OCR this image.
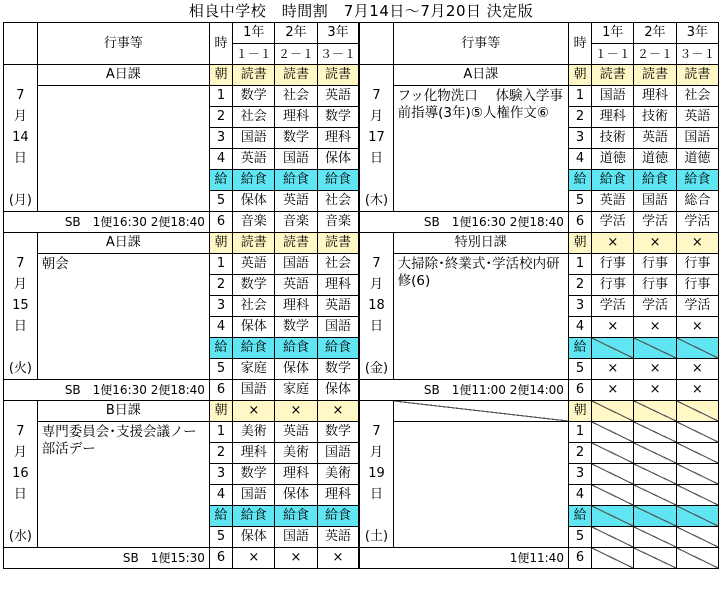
相良中学校　時間割　7月14日～7月20日 決定版
	行事等	時	1年	2年	3年		行事等	時	1年	2年	3年
			１－１	２－１	３－１				１－１	２－１	３－１
	A日課	朝	読書	読書	読書		A日課	朝	読書	読書	読書
7		1	数学	社会	英語	7	フッ化物洗口　 体験入学事前指導(3年)⑤人権作文⑥	1	国語	理科	社会
月		2	社会	理科	数学	月		2	理科	技術	英語
14		3	国語	数学	理科	17		3	技術	英語	国語
日		4	英語	国語	保体	日		4	道徳	道徳	道徳
		給	給食	給食	給食			給	給食	給食	給食
(月)		5	保体	英語	社会	(木)		5	英語	国語	総合
SB　1便16:30 2便18:40		6	音楽	音楽	音楽	SB　1便16:30 2便18:40		6	学活	学活	学活
	A日課	朝	読書	読書	読書		特別日課	朝	×	×	×
7	朝会	1	英語	国語	社会	7	大掃除･終業式･学活校内研修(6)	1	行事	行事	行事
月		2	数学	英語	理科	月		2	行事	行事	行事
15		3	社会	理科	英語	18		3	学活	学活	学活
日		4	保体	数学	国語	日		4	×	×	×
		給	給食	給食	給食			給			
(火)		5	家庭	保体	数学	(金)		5	×	×	×
SB　1便16:30 2便18:40		6	国語	家庭	保体	SB　1便11:00 2便14:00		6	×	×	×
	B日課	朝	×	×	×			朝			
7	専門委員会･支援会議ノー部活デー	1	美術	英語	数学	7		1			
月		2	理科	美術	国語	月		2			
16		3	数学	理科	美術	19		3			
日		4	国語	保体	理科	日		4			
		給	給食	給食	給食			給			
(水)		5	保体	国語	英語	(土)		5			
SB　1便15:30		6	×	×	×	1便11:40		6			
